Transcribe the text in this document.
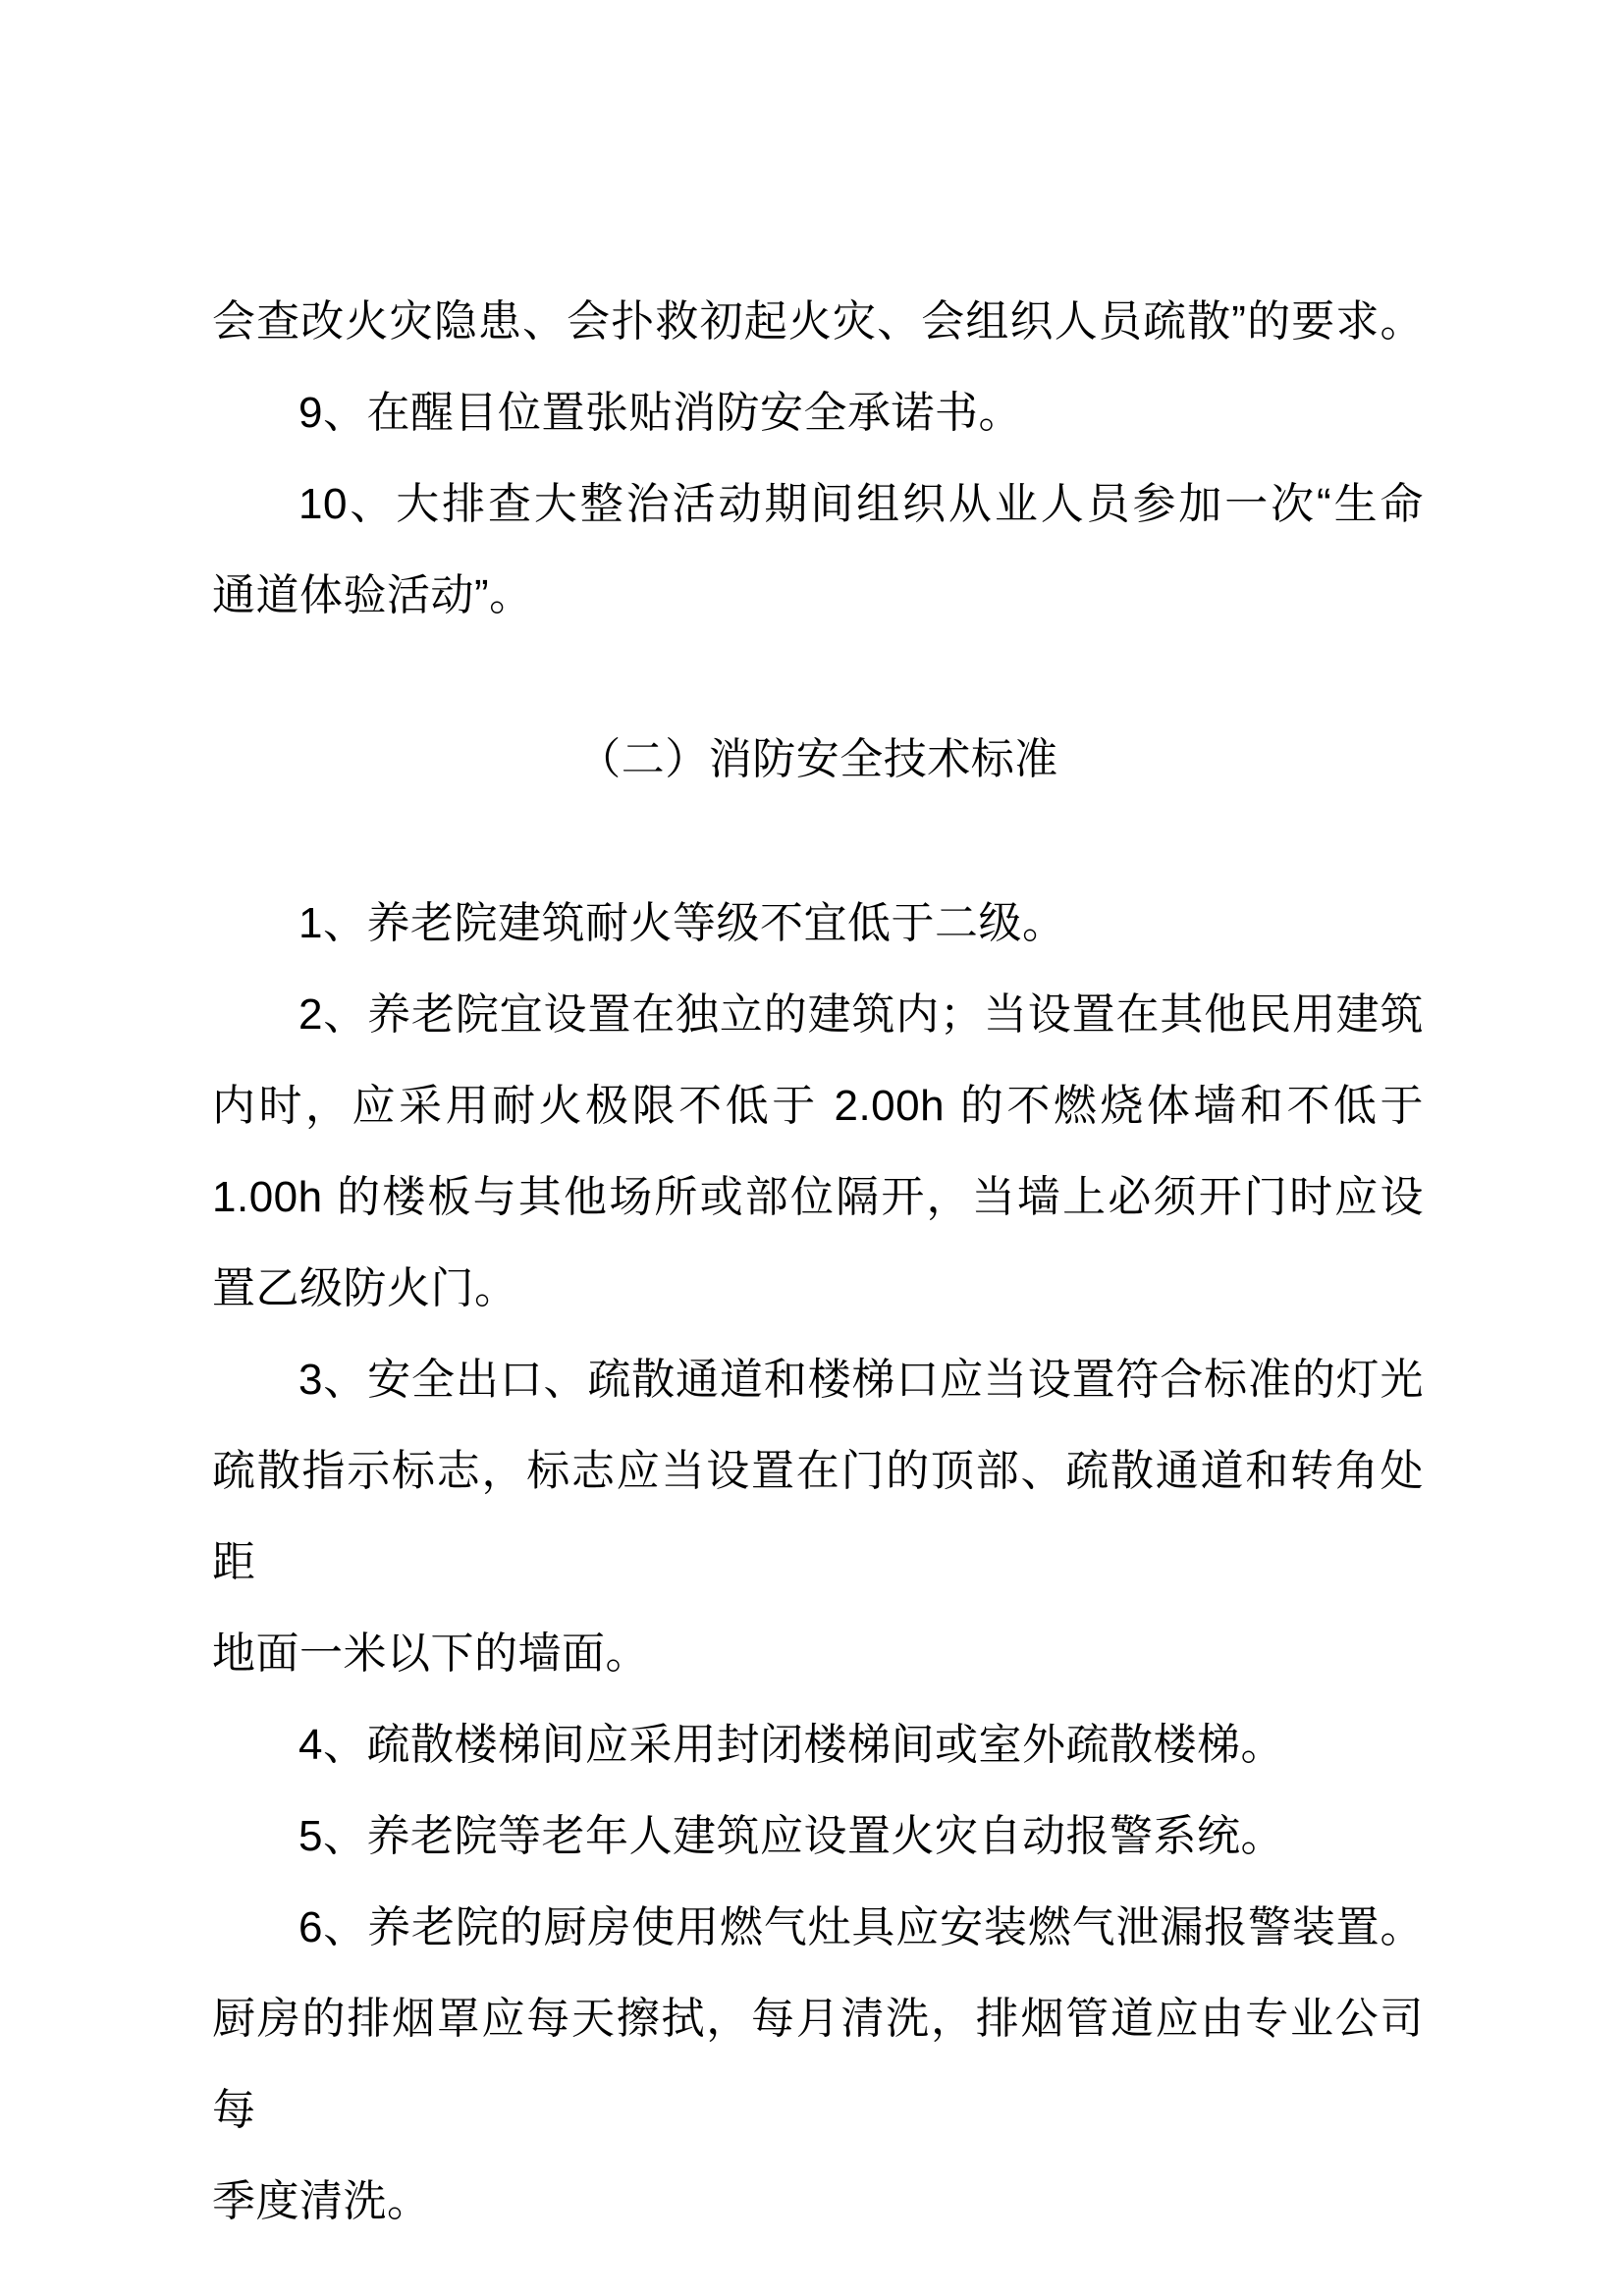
会查改火灾隐患、会扑救初起火灾、会组织人员疏散”的要求。
9、在醒目位置张贴消防安全承诺书。
10、大排查大整治活动期间组织从业人员参加一次“生命
通道体验活动”。
（二）消防安全技术标准
1、养老院建筑耐火等级不宜低于二级。
2、养老院宜设置在独立的建筑内；当设置在其他民用建筑
内时，应采用耐火极限不低于 2.00h 的不燃烧体墙和不低于
1.00h 的楼板与其他场所或部位隔开，当墙上必须开门时应设
置乙级防火门。
3、安全出口、疏散通道和楼梯口应当设置符合标准的灯光
疏散指示标志，标志应当设置在门的顶部、疏散通道和转角处距
地面一米以下的墙面。
4、疏散楼梯间应采用封闭楼梯间或室外疏散楼梯。
5、养老院等老年人建筑应设置火灾自动报警系统。
6、养老院的厨房使用燃气灶具应安装燃气泄漏报警装置。
厨房的排烟罩应每天擦拭，每月清洗，排烟管道应由专业公司每
季度清洗。
